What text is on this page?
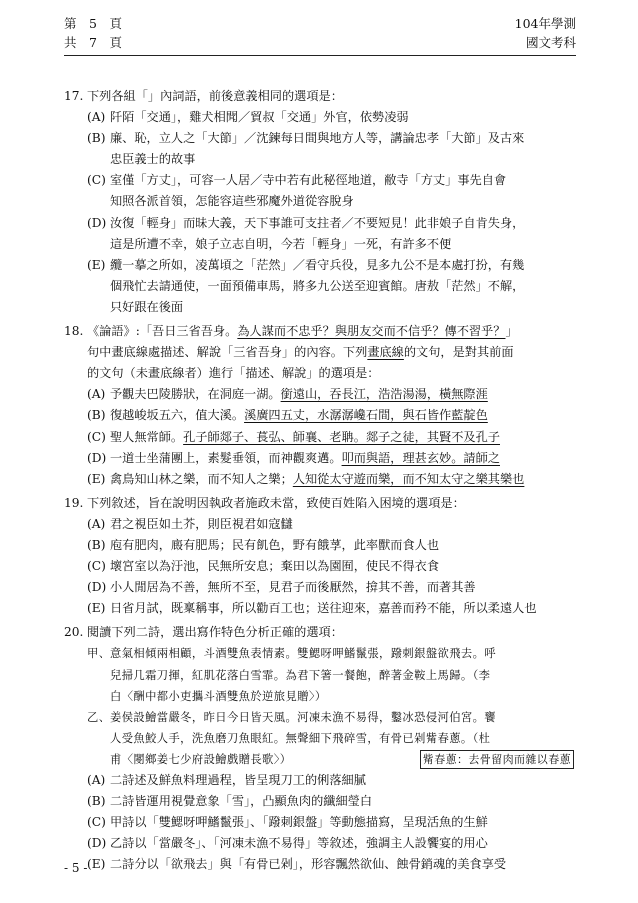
第　5　頁
共　7　頁
104年學測
國文考科
17. 下列各組「」內詞語，前後意義相同的選項是：
(A) 阡陌「交通」，雞犬相聞／貿叔「交通」外官，依勢凌弱
(B) 廉、恥，立人之「大節」／沈鍊每日間與地方人等，講論忠孝「大節」及古來
忠臣義士的故事
(C) 室僅「方丈」，可容一人居／寺中若有此秘徑地道，敝寺「方丈」事先自會
知照各派首領，怎能容這些邪魔外道從容脫身
(D) 汝復「輕身」而昧大義，天下事誰可支拄者／不要短見！此非娘子自肯失身，
這是所遭不幸，娘子立志自明，今若「輕身」一死，有許多不便
(E) 纜一摹之所如，凌萬頃之「茫然」／看守兵役，見多九公不是本處打扮，有幾
個飛忙去請通使，一面預備車馬，將多九公送至迎賓館。唐敖「茫然」不解，
只好跟在後面
18. 《論語》:「吾日三省吾身。為人謀而不忠乎？與朋友交而不信乎？傳不習乎？」
句中畫底線處描述、解說「三省吾身」的內容。下列畫底線的文句，是對其前面
的文句（未畫底線者）進行「描述、解說」的選項是：
(A) 予觀夫巴陵勝狀，在洞庭一湖。銜遠山，吞長江，浩浩湯湯，橫無際涯
(B) 復越峻坂五六，值大溪。溪廣四五丈，水潺潺巉石間，與石皆作藍靛色
(C) 聖人無常師。孔子師郯子、萇弘、師襄、老聃。郯子之徒，其賢不及孔子
(D) 一道士坐蒲團上，素髮垂領，而神觀爽邁。叩而與語，理甚玄妙。請師之
(E) 禽鳥知山林之樂，而不知人之樂；人知從太守遊而樂，而不知太守之樂其樂也
19. 下列敘述，旨在說明因執政者施政未當，致使百姓陷入困境的選項是：
(A) 君之視臣如土芥，則臣視君如寇讎
(B) 庖有肥肉，廄有肥馬；民有飢色，野有餓莩，此率獸而食人也
(C) 壞宮室以為汙池，民無所安息；棄田以為園囿，使民不得衣食
(D) 小人閒居為不善，無所不至，見君子而後厭然，揜其不善，而著其善
(E) 日省月試，既稟稱事，所以勸百工也；送往迎來，嘉善而矜不能，所以柔遠人也
20. 閱讀下列二詩，選出寫作特色分析正確的選項：
甲、 意氣相傾兩相顧，斗酒雙魚表情素。雙鰓呀呷鰭鬣張，蹳刺銀盤欲飛去。呼
兒掃几霜刀揮，紅肌花落白雪霏。為君下箸一餐飽，醉著金鞍上馬歸。（李
白〈酬中都小吏攜斗酒雙魚於逆旅見贈〉）
乙、 姜侯設鱠當嚴冬，昨日今日皆天風。河凍未漁不易得，鑿冰恐侵河伯宮。饔
人受魚鮫人手，洗魚磨刀魚眼紅。無聲細下飛碎雪，有骨已剁觜春蔥。（杜
甫〈閿鄉姜七少府設鱠戲贈長歌〉）	觜春蔥：去骨留肉而雜以春蔥
(A) 二詩述及鮮魚料理過程，皆呈現刀工的俐落細膩
(B) 二詩皆運用視覺意象「雪」，凸顯魚肉的纖細瑩白
(C) 甲詩以「雙鰓呀呷鰭鬣張」、「蹳刺銀盤」等動態描寫，呈現活魚的生鮮
(D) 乙詩以「當嚴冬」、「河凍未漁不易得」等敘述，強調主人設饗宴的用心
(E) 二詩分以「欲飛去」與「有骨已剁」，形容飄然欲仙、蝕骨銷魂的美食享受
- 5 -
